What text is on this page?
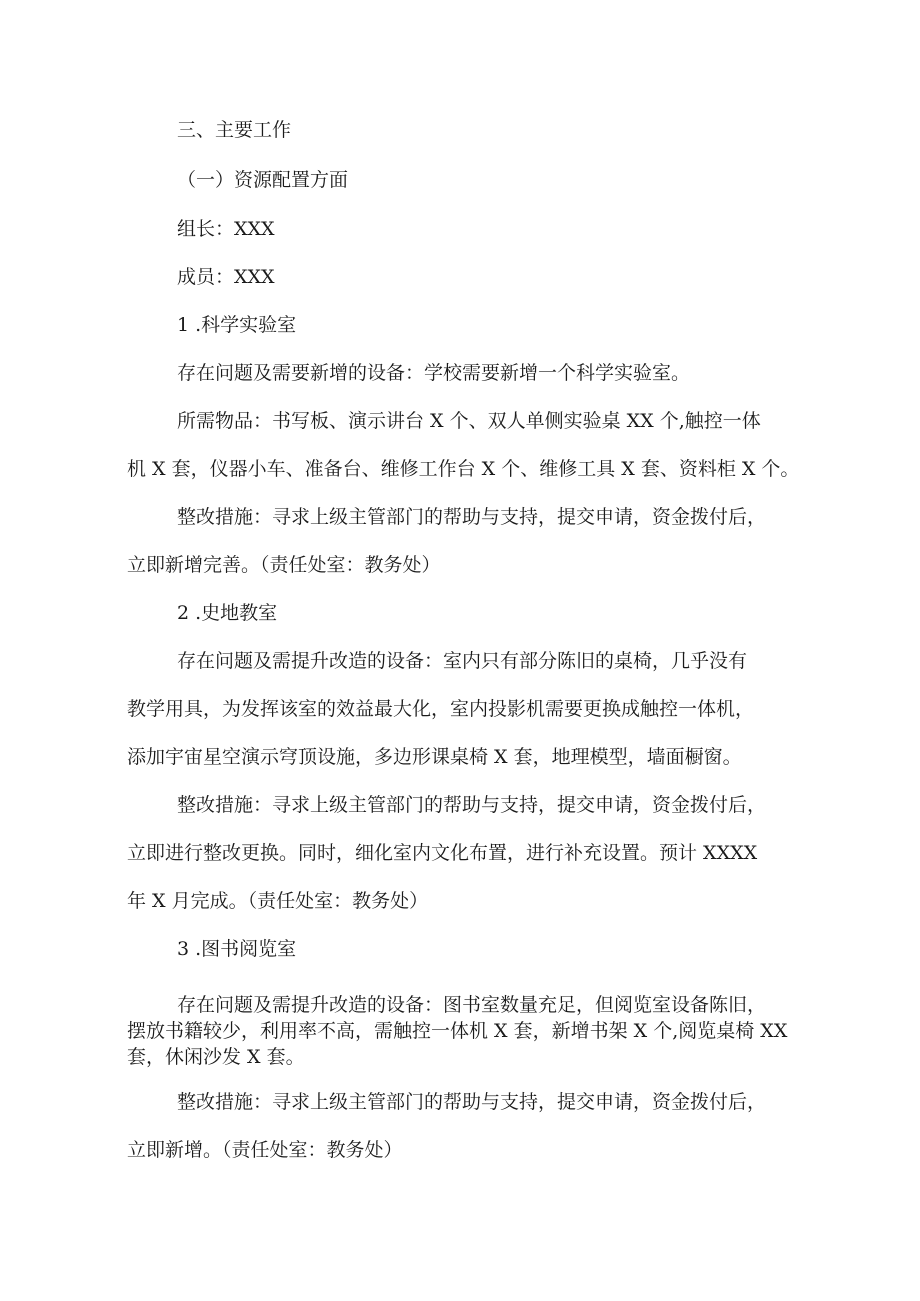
三、主要工作
（一）资源配置方面
组长：XXX
成员：XXX
1 .科学实验室
存在问题及需要新增的设备：学校需要新增一个科学实验室。
所需物品：书写板、演示讲台 X 个、双人单侧实验桌 XX 个,触控一体
机 X 套，仪器小车、准备台、维修工作台 X 个、维修工具 X 套、资料柜 X 个。
整改措施：寻求上级主管部门的帮助与支持，提交申请，资金拨付后，
立即新增完善。（责任处室：教务处）
2 .史地教室
存在问题及需提升改造的设备：室内只有部分陈旧的桌椅，几乎没有
教学用具，为发挥该室的效益最大化，室内投影机需要更换成触控一体机，
添加宇宙星空演示穹顶设施，多边形课桌椅 X 套，地理模型，墙面橱窗。
整改措施：寻求上级主管部门的帮助与支持，提交申请，资金拨付后，
立即进行整改更换。同时，细化室内文化布置，进行补充设置。预计 XXXX
年 X 月完成。（责任处室：教务处）
3 .图书阅览室
存在问题及需提升改造的设备：图书室数量充足，但阅览室设备陈旧，
摆放书籍较少，利用率不高，需触控一体机 X 套，新增书架 X 个,阅览桌椅 XX
套，休闲沙发 X 套。
整改措施：寻求上级主管部门的帮助与支持，提交申请，资金拨付后，
立即新增。（责任处室：教务处）
